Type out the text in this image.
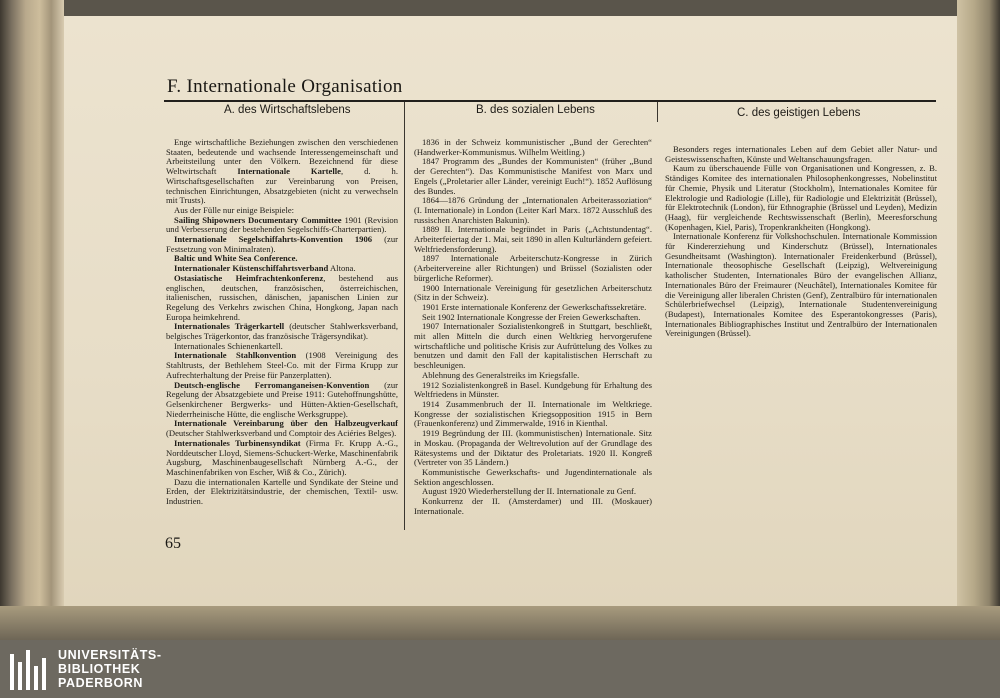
F. Internationale Organisation
A. des Wirtschaftslebens	B. des sozialen Lebens	C. des geistigen Lebens

Enge wirtschaftliche Beziehungen zwischen den verschiedenen Staaten, bedeutende und wachsende Interessengemeinschaft und Arbeitsteilung unter den Völkern. Bezeichnend für diese Weltwirtschaft Internationale Kartelle, d. h. Wirtschaftsgesellschaften zur Vereinbarung von Preisen, technischen Einrichtungen, Absatzgebieten (nicht zu verwechseln mit Trusts).

Aus der Fülle nur einige Beispiele:

Sailing Shipowners Documentary Committee 1901 (Revision und Verbesserung der bestehenden Segelschiffs-Charterpartien).

Internationale Segelschiffahrts-Konvention 1906 (zur Festsetzung von Minimalraten).

Baltic und White Sea Conference.

Internationaler Küstenschiffahrtsverband Altona.

Ostasiatische Heimfrachtenkonferenz, bestehend aus englischen, deutschen, französischen, österreichischen, italienischen, russischen, dänischen, japanischen Linien zur Regelung des Verkehrs zwischen China, Hongkong, Japan nach Europa heimkehrend.

Internationales Trägerkartell (deutscher Stahlwerksverband, belgisches Trägerkontor, das französische Trägersyndikat).

Internationales Schienenkartell.

Internationale Stahlkonvention (1908 Vereinigung des Stahltrusts, der Bethlehem Steel-Co. mit der Firma Krupp zur Aufrechterhaltung der Preise für Panzerplatten).

Deutsch-englische Ferromanganeisen-Konvention (zur Regelung der Absatzgebiete und Preise 1911: Gutehoffnungshütte, Gelsenkirchener Bergwerks- und Hütten-Aktien-Gesellschaft, Niederrheinische Hütte, die englische Werksgruppe).

Internationale Vereinbarung über den Halbzeugverkauf (Deutscher Stahlwerksverband und Comptoir des Aciéries Belges).

Internationales Turbinensyndikat (Firma Fr. Krupp A.-G., Norddeutscher Lloyd, Siemens-Schuckert-Werke, Maschinenfabrik Augsburg, Maschinenbaugesellschaft Nürnberg A.-G., der Maschinenfabriken von Escher, Wiß & Co., Zürich).

Dazu die internationalen Kartelle und Syndikate der Steine und Erden, der Elektrizitätsindustrie, der chemischen, Textil- usw. Industrien.

1836 in der Schweiz kommunistischer „Bund der Gerechten“ (Handwerker-Kommunismus. Wilhelm Weitling.)

1847 Programm des „Bundes der Kommunisten“ (früher „Bund der Gerechten“). Das Kommunistische Manifest von Marx und Engels („Proletarier aller Länder, vereinigt Euch!“). 1852 Auflösung des Bundes.

1864—1876 Gründung der „Internationalen Arbeiterassoziation“ (I. Internationale) in London (Leiter Karl Marx. 1872 Ausschluß des russischen Anarchisten Bakunin).

1889 II. Internationale begründet in Paris („Achtstundentag“. Arbeiterfeiertag der 1. Mai, seit 1890 in allen Kulturländern gefeiert. Weltfriedensforderung).

1897 Internationale Arbeiterschutz-Kongresse in Zürich (Arbeitervereine aller Richtungen) und Brüssel (Sozialisten oder bürgerliche Reformer).

1900 Internationale Vereinigung für gesetzlichen Arbeiterschutz (Sitz in der Schweiz).

1901 Erste internationale Konferenz der Gewerkschaftssekretäre.

Seit 1902 Internationale Kongresse der Freien Gewerkschaften.

1907 Internationaler Sozialistenkongreß in Stuttgart, beschließt, mit allen Mitteln die durch einen Weltkrieg hervorgerufene wirtschaftliche und politische Krisis zur Aufrüttelung des Volkes zu benutzen und damit den Fall der kapitalistischen Herrschaft zu beschleunigen.

Ablehnung des Generalstreiks im Kriegsfalle.

1912 Sozialistenkongreß in Basel. Kundgebung für Erhaltung des Weltfriedens in Münster.

1914 Zusammenbruch der II. Internationale im Weltkriege. Kongresse der sozialistischen Kriegsopposition 1915 in Bern (Frauenkonferenz) und Zimmerwalde, 1916 in Kienthal.

1919 Begründung der III. (kommunistischen) Internationale. Sitz in Moskau. (Propaganda der Weltrevolution auf der Grundlage des Rätesystems und der Diktatur des Proletariats. 1920 II. Kongreß (Vertreter von 35 Ländern.)

Kommunistische Gewerkschafts- und Jugendinternationale als Sektion angeschlossen.

August 1920 Wiederherstellung der II. Internationale zu Genf.

Konkurrenz der II. (Amsterdamer) und III. (Moskauer) Internationale.

Besonders reges internationales Leben auf dem Gebiet aller Natur- und Geisteswissenschaften, Künste und Weltanschauungsfragen.

Kaum zu überschauende Fülle von Organisationen und Kongressen, z. B. Ständiges Komitee des internationalen Philosophenkongresses, Nobelinstitut für Chemie, Physik und Literatur (Stockholm), Internationales Komitee für Elektrologie und Radiologie (Lille), für Radiologie und Elektrizität (Brüssel), für Elektrotechnik (London), für Ethnographie (Brüssel und Leyden), Medizin (Haag), für vergleichende Rechtswissenschaft (Berlin), Meeresforschung (Kopenhagen, Kiel, Paris), Tropenkrankheiten (Hongkong).

Internationale Konferenz für Volkshochschulen. Internationale Kommission für Kindererziehung und Kinderschutz (Brüssel), Internationales Gesundheitsamt (Washington). Internationaler Freidenkerbund (Brüssel), Internationale theosophische Gesellschaft (Leipzig), Weltvereinigung katholischer Studenten, Internationales Büro der evangelischen Allianz, Internationales Büro der Freimaurer (Neuchâtel), Internationales Komitee für die Vereinigung aller liberalen Christen (Genf), Zentralbüro für internationalen Schülerbriefwechsel (Leipzig), Internationale Studentenvereinigung (Budapest), Internationales Komitee des Esperantokongresses (Paris), Internationales Bibliographisches Institut und Zentralbüro der Internationalen Vereinigungen (Brüssel).

65
UNIVERSITÄTS-
BIBLIOTHEK
PADERBORN
